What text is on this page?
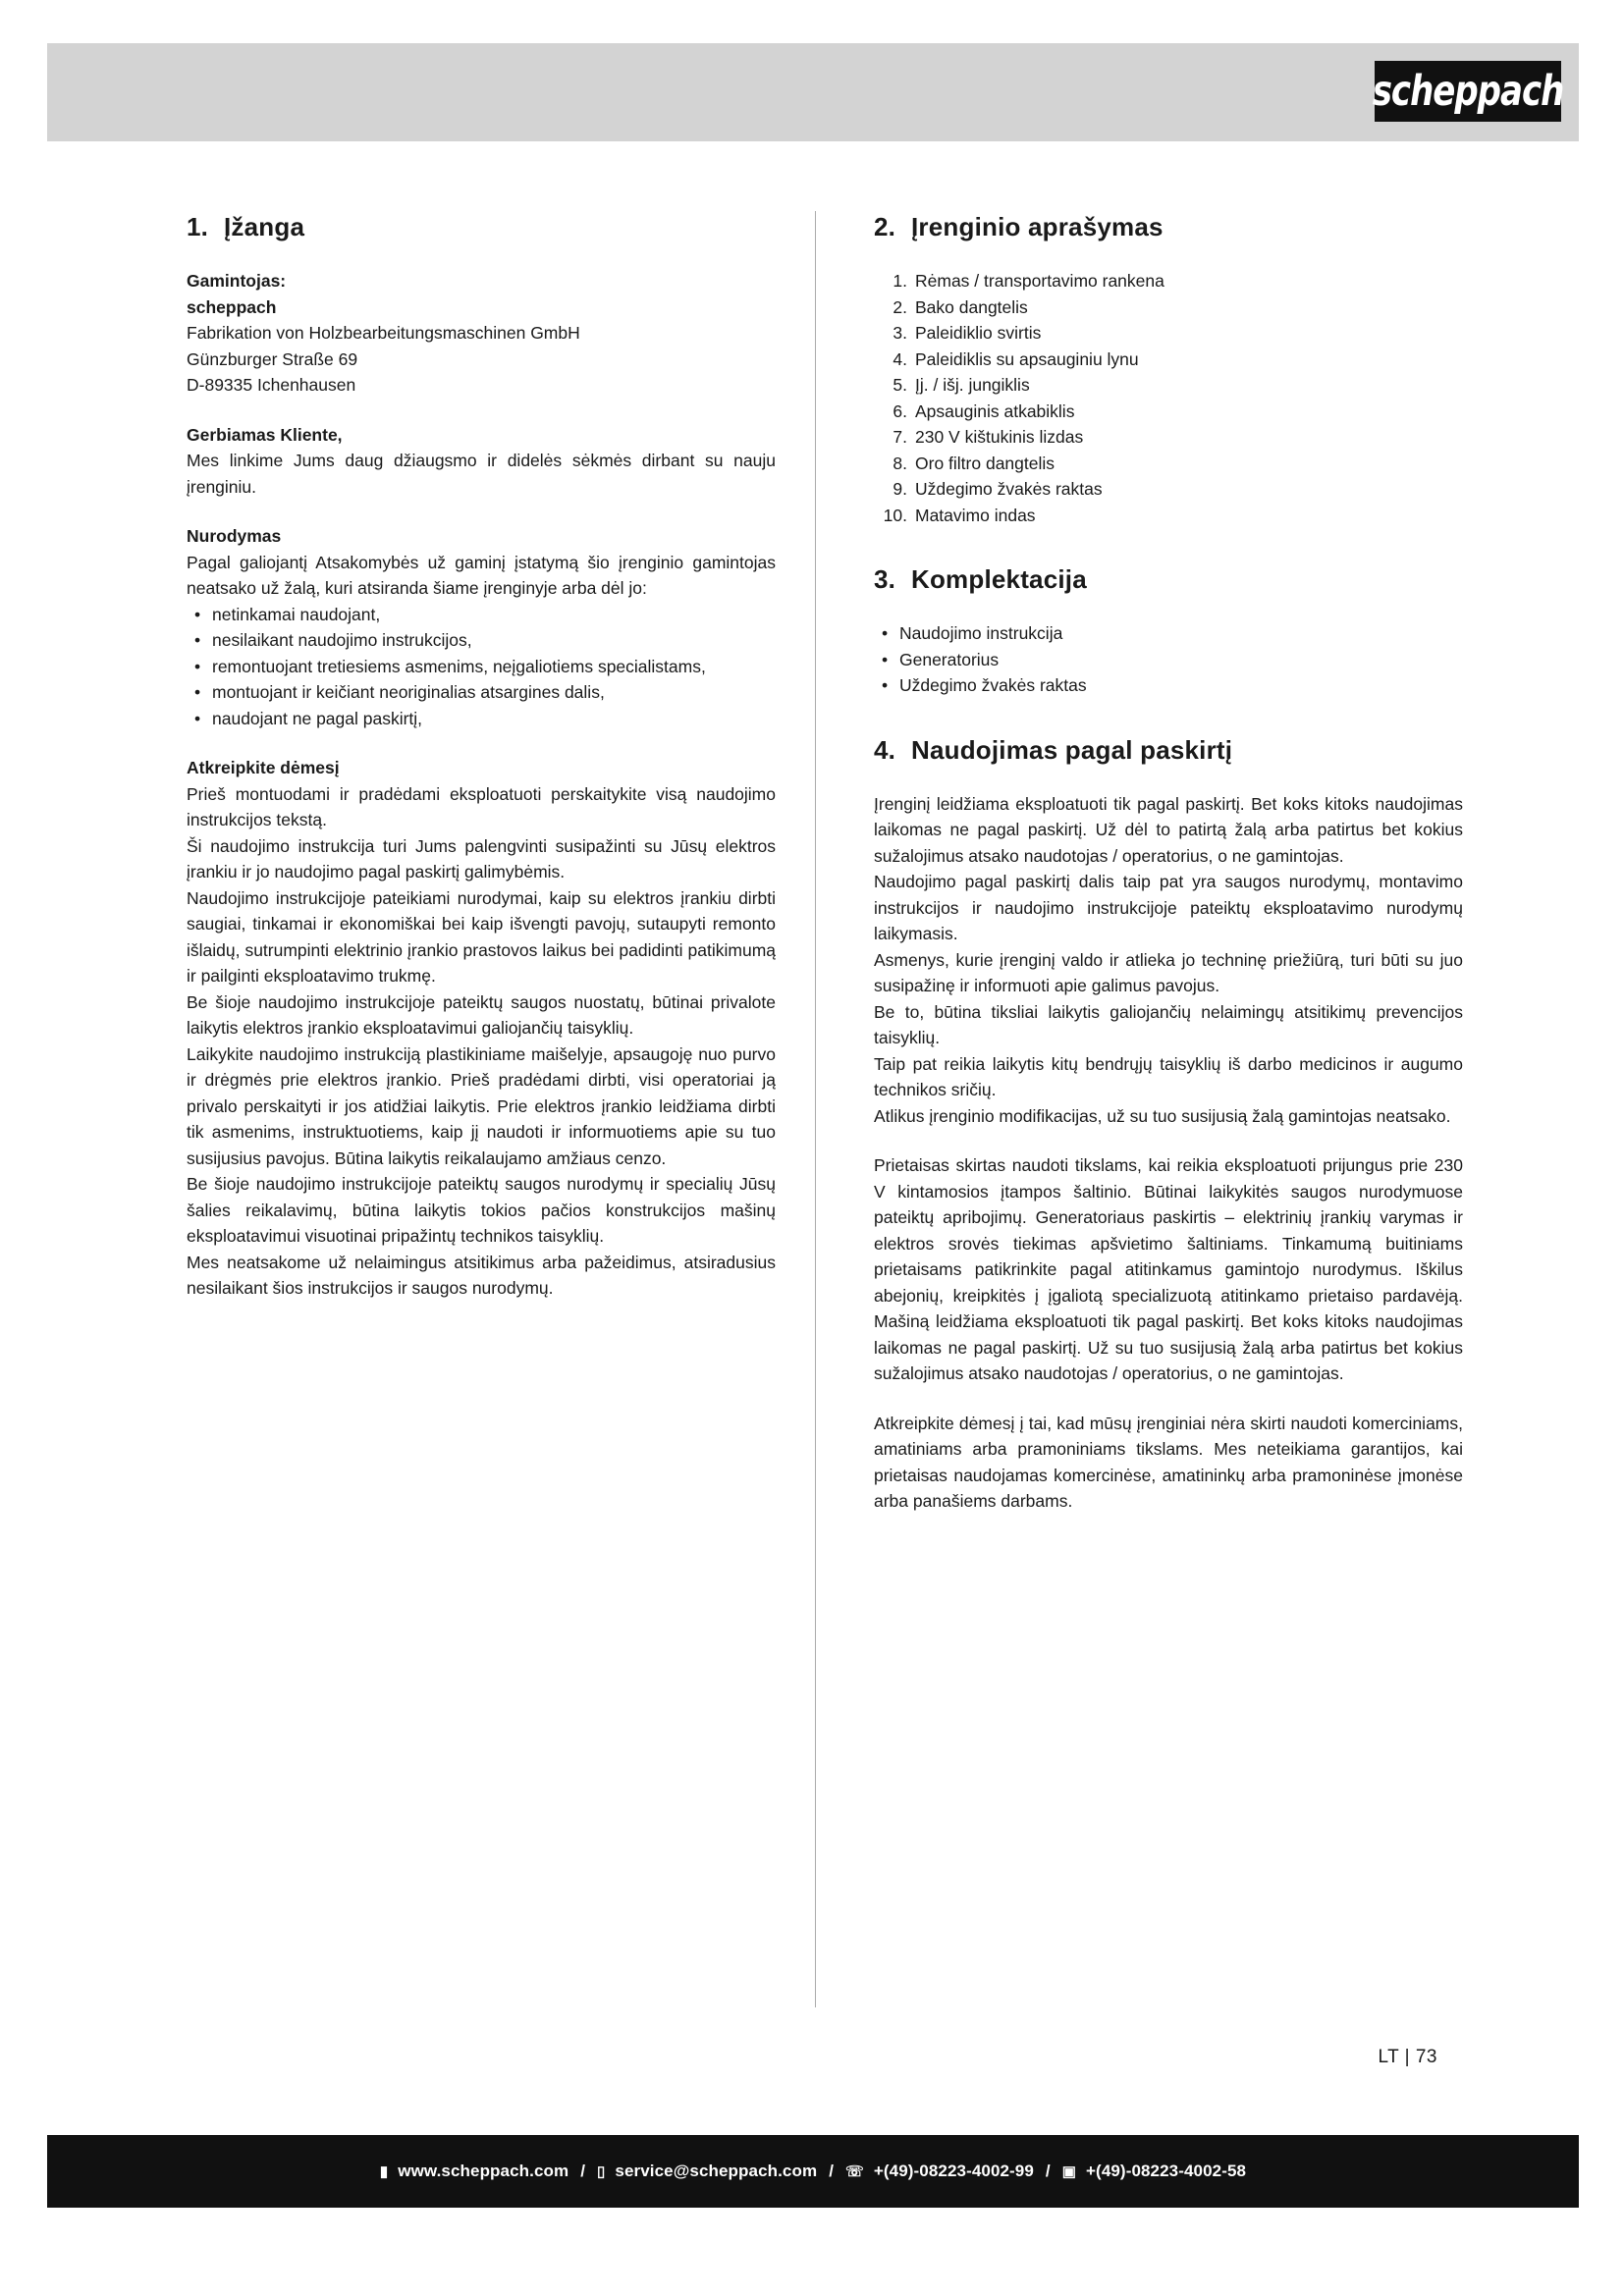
scheppach
1. Įžanga
Gamintojas:
scheppach

Fabrikation von Holzbearbeitungsmaschinen GmbH

Günzburger Straße 69

D-89335 Ichenhausen

Gerbiamas Kliente,

Mes linkime Jums daug džiaugsmo ir didelės sėkmės dirbant su nauju įrenginiu.

Nurodymas

Pagal galiojantį Atsakomybės už gaminį įstatymą šio įrenginio gamintojas neatsako už žalą, kuri atsiranda šiame įrenginyje arba dėl jo:

• netinkamai naudojant,
• nesilaikant naudojimo instrukcijos,
• remontuojant tretiesiems asmenims, neįgaliotiems specialistams,
• montuojant ir keičiant neoriginalias atsargines dalis,
• naudojant ne pagal paskirtį,
Atkreipkite dėmesį

Prieš montuodami ir pradėdami eksploatuoti perskaitykite visą naudojimo instrukcijos tekstą.

Ši naudojimo instrukcija turi Jums palengvinti susipažinti su Jūsų elektros įrankiu ir jo naudojimo pagal paskirtį galimybėmis.

Naudojimo instrukcijoje pateikiami nurodymai, kaip su elektros įrankiu dirbti saugiai, tinkamai ir ekonomiškai bei kaip išvengti pavojų, sutaupyti remonto išlaidų, sutrumpinti elektrinio įrankio prastovos laikus bei padidinti patikimumą ir pailginti eksploatavimo trukmę.

Be šioje naudojimo instrukcijoje pateiktų saugos nuostatų, būtinai privalote laikytis elektros įrankio eksploatavimui galiojančių taisyklių.

Laikykite naudojimo instrukciją plastikiniame maišelyje, apsaugoję nuo purvo ir drėgmės prie elektros įrankio. Prieš pradėdami dirbti, visi operatoriai ją privalo perskaityti ir jos atidžiai laikytis. Prie elektros įrankio leidžiama dirbti tik asmenims, instruktuotiems, kaip jį naudoti ir informuotiems apie su tuo susijusius pavojus. Būtina laikytis reikalaujamo amžiaus cenzo.

Be šioje naudojimo instrukcijoje pateiktų saugos nurodymų ir specialių Jūsų šalies reikalavimų, būtina laikytis tokios pačios konstrukcijos mašinų eksploatavimui visuotinai pripažintų technikos taisyklių.

Mes neatsakome už nelaimingus atsitikimus arba pažeidimus, atsiradusius nesilaikant šios instrukcijos ir saugos nurodymų.

2. Įrenginio aprašymas
1. Rėmas / transportavimo rankena
2. Bako dangtelis
3. Paleidiklio svirtis
4. Paleidiklis su apsauginiu lynu
5. Įj. / išj. jungiklis
6. Apsauginis atkabiklis
7. 230 V kištukinis lizdas
8. Oro filtro dangtelis
9. Uždegimo žvakės raktas
10. Matavimo indas
3. Komplektacija
• Naudojimo instrukcija
• Generatorius
• Uždegimo žvakės raktas
4. Naudojimas pagal paskirtį

Įrenginį leidžiama eksploatuoti tik pagal paskirtį. Bet koks kitoks naudojimas laikomas ne pagal paskirtį. Už dėl to patirtą žalą arba patirtus bet kokius sužalojimus atsako naudotojas / operatorius, o ne gamintojas.

Naudojimo pagal paskirtį dalis taip pat yra saugos nurodymų, montavimo instrukcijos ir naudojimo instrukcijoje pateiktų eksploatavimo nurodymų laikymasis.

Asmenys, kurie įrenginį valdo ir atlieka jo techninę priežiūrą, turi būti su juo susipažinę ir informuoti apie galimus pavojus.

Be to, būtina tiksliai laikytis galiojančių nelaimingų atsitikimų prevencijos taisyklių.

Taip pat reikia laikytis kitų bendrųjų taisyklių iš darbo medicinos ir augumo technikos sričių.

Atlikus įrenginio modifikacijas, už su tuo susijusią žalą gamintojas neatsako.

Prietaisas skirtas naudoti tikslams, kai reikia eksploatuoti prijungus prie 230 V kintamosios įtampos šaltinio. Būtinai laikykitės saugos nurodymuose pateiktų apribojimų. Generatoriaus paskirtis – elektrinių įrankių varymas ir elektros srovės tiekimas apšvietimo šaltiniams. Tinkamumą buitiniams prietaisams patikrinkite pagal atitinkamus gamintojo nurodymus. Iškilus abejonių, kreipkitės į įgaliotą specializuotą atitinkamo prietaiso pardavėją. Mašiną leidžiama eksploatuoti tik pagal paskirtį. Bet koks kitoks naudojimas laikomas ne pagal paskirtį. Už su tuo susijusią žalą arba patirtus bet kokius sužalojimus atsako naudotojas / operatorius, o ne gamintojas.

Atkreipkite dėmesį į tai, kad mūsų įrenginiai nėra skirti naudoti komerciniams, amatiniams arba pramoniniams tikslams. Mes neteikiama garantijos, kai prietaisas naudojamas komercinėse, amatininkų arba pramoninėse įmonėse arba panašiems darbams.

LT | 73
▮ www.scheppach.com / ▯ service@scheppach.com / ☏ +(49)-08223-4002-99 / ▣ +(49)-08223-4002-58
